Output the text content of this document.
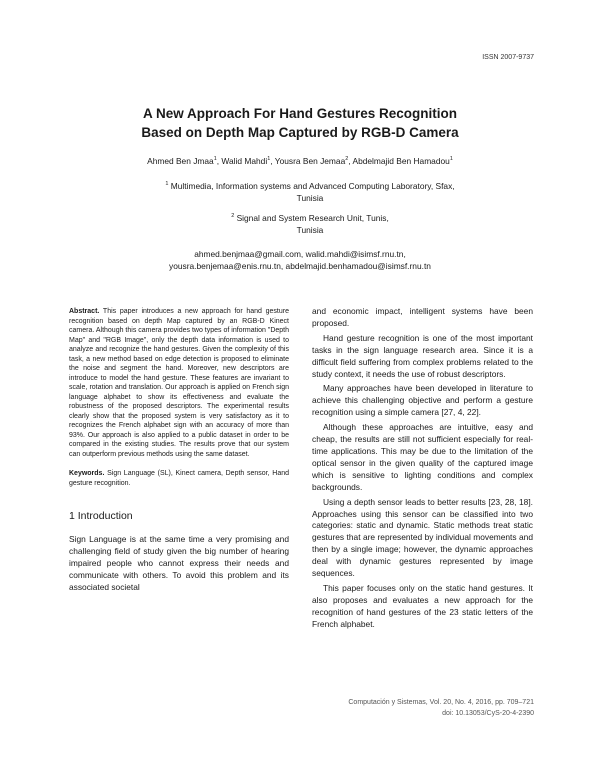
ISSN 2007-9737
A New Approach For Hand Gestures Recognition
Based on Depth Map Captured by RGB-D Camera
Ahmed Ben Jmaa$^1$, Walid Mahdi$^1$, Yousra Ben Jemaa$^2$, Abdelmajid Ben Hamadou$^1$
$^1$ Multimedia, Information systems and Advanced Computing Laboratory, Sfax,
Tunisia
$^2$ Signal and System Research Unit, Tunis,
Tunisia
ahmed.benjmaa@gmail.com, walid.mahdi@isimsf.rnu.tn,
yousra.benjemaa@enis.rnu.tn, abdelmajid.benhamadou@isimsf.rnu.tn
Abstract. This paper introduces a new approach for hand gesture recognition based on depth Map captured by an RGB-D Kinect camera. Although this camera provides two types of information "Depth Map" and "RGB Image", only the depth data information is used to analyze and recognize the hand gestures. Given the complexity of this task, a new method based on edge detection is proposed to eliminate the noise and segment the hand. Moreover, new descriptors are introduce to model the hand gesture. These features are invariant to scale, rotation and translation. Our approach is applied on French sign language alphabet to show its effectiveness and evaluate the robustness of the proposed descriptors. The experimental results clearly show that the proposed system is very satisfactory as it to recognizes the French alphabet sign with an accuracy of more than 93%. Our approach is also applied to a public dataset in order to be compared in the existing studies. The results prove that our system can outperform previous methods using the same dataset.
Keywords. Sign Language (SL), Kinect camera, Depth sensor, Hand gesture recognition.
1 Introduction

Sign Language is at the same time a very promising and challenging field of study given the big number of hearing impaired people who cannot express their needs and communicate with others. To avoid this problem and its associated societal

and economic impact, intelligent systems have been proposed.

Hand gesture recognition is one of the most important tasks in the sign language research area. Since it is a difficult field suffering from complex problems related to the study context, it needs the use of robust descriptors.

Many approaches have been developed in literature to achieve this challenging objective and perform a gesture recognition using a simple camera [27, 4, 22].

Although these approaches are intuitive, easy and cheap, the results are still not sufficient especially for real-time applications. This may be due to the limitation of the optical sensor in the given quality of the captured image which is sensitive to lighting conditions and complex backgrounds.

Using a depth sensor leads to better results [23, 28, 18]. Approaches using this sensor can be classified into two categories: static and dynamic. Static methods treat static gestures that are represented by individual movements and then by a single image; however, the dynamic approaches deal with dynamic gestures represented by image sequences.

This paper focuses only on the static hand gestures. It also proposes and evaluates a new approach for the recognition of hand gestures of the 23 static letters of the French alphabet.

Computación y Sistemas, Vol. 20, No. 4, 2016, pp. 709–721
doi: 10.13053/CyS-20-4-2390
